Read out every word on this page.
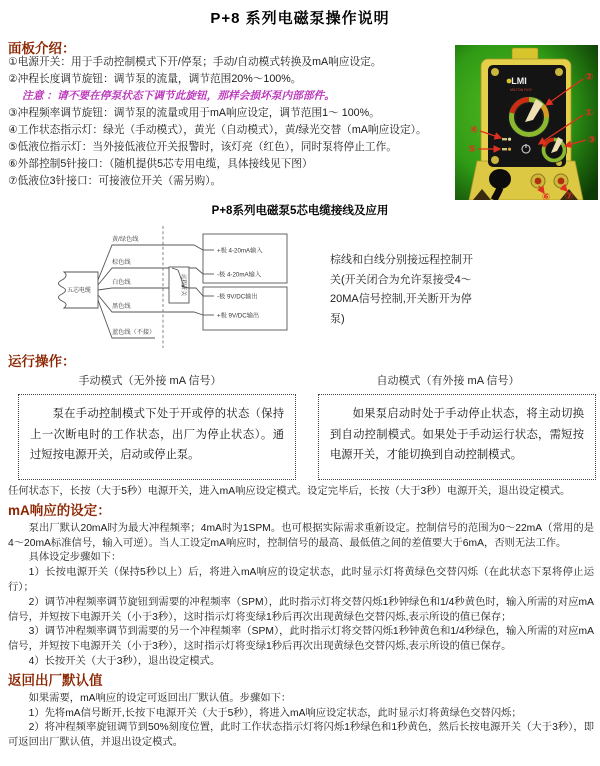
P+8 系列电磁泵操作说明
面板介绍：
①电源开关：用于手动控制模式下开/停泵；手动/自动模式转换及mA响应设定。
②冲程长度调节旋钮：调节泵的流量，调节范围20%～100%。
注意 ：请不要在停泵状态下调节此旋钮，那样会损坏泵内部部件。
③冲程频率调节旋钮：调节泵的流量或用于mA响应设定，调节范围1～ 100%。
④工作状态指示灯：绿光（手动模式），黄光（自动模式），黄/绿光交替（mA响应设定）。
⑤低液位指示灯：当外接低液位开关报警时，该灯亮（红色），同时泵将停止工作。
⑥外部控制5针接口：（随机提供5芯专用电缆，具体接线见下图）
⑦低液位3针接口：可接液位开关（需另购）。
LMI
MILTON ROY
②
①
③
④
⑤
⑥ ⑦
P+8系列电磁泵5芯电缆接线及应用
五芯电缆
黄/绿色线
棕色线
白色线
黑色线
蓝色线（不接）
远程开关
+极 4-20mA输入
-极 4-20mA输入
-极 9V/DC输出
+极 9V/DC输出
棕线和白线分别接远程控制开关(开关闭合为允许泵接受4～20MA信号控制,开关断开为停泵)
运行操作：
手动模式（无外接 mA 信号）	自动模式（有外接 mA 信号）
泵在手动控制模式下处于开或停的状态（保持上一次断电时的工作状态，出厂为停止状态）。通过短按电源开关，启动或停止泵。
如果泵启动时处于手动停止状态，将主动切换到自动控制模式。如果处于手动运行状态，需短按电源开关，才能切换到自动控制模式。

任何状态下，长按（大于5秒）电源开关，进入mA响应设定模式。设定完毕后，长按（大于3秒）电源开关，退出设定模式。

mA响应的设定：

泵出厂默认20mA时为最大冲程频率；4mA时为1SPM。也可根据实际需求重新设定。控制信号的范围为0～22mA（常用的是4～20mA标准信号，输入可逆）。当人工设定mA响应时，控制信号的最高、最低值之间的差值要大于6mA，否则无法工作。

具体设定步骤如下：

1）长按电源开关（保持5秒以上）后，将进入mA响应的设定状态，此时显示灯将黄绿色交替闪烁（在此状态下泵将停止运行）；

2）调节冲程频率调节旋钮到需要的冲程频率（SPM），此时指示灯将交替闪烁1秒钟绿色和1/4秒黄色时，输入所需的对应mA信号，并短按下电源开关（小于3秒），这时指示灯将变绿1秒后再次出现黄绿色交替闪烁,表示所设的值已保存；

3）调节冲程频率调节到需要的另一个冲程频率（SPM），此时指示灯将交替闪烁1秒钟黄色和1/4秒绿色，输入所需的对应mA信号，并短按下电源开关（小于3秒），这时指示灯将变绿1秒后再次出现黄绿色交替闪烁,表示所设的值已保存。

4）长按开关（大于3秒），退出设定模式。

返回出厂默认值

如果需要，mA响应的设定可返回出厂默认值。步骤如下：

1）先将mA信号断开,长按下电源开关（大于5秒），将进入mA响应设定状态，此时显示灯将黄绿色交替闪烁；

2）将冲程频率旋钮调节到50%刻度位置，此时工作状态指示灯将闪烁1秒绿色和1秒黄色，然后长按电源开关（大于3秒），即可返回出厂默认值，并退出设定模式。
